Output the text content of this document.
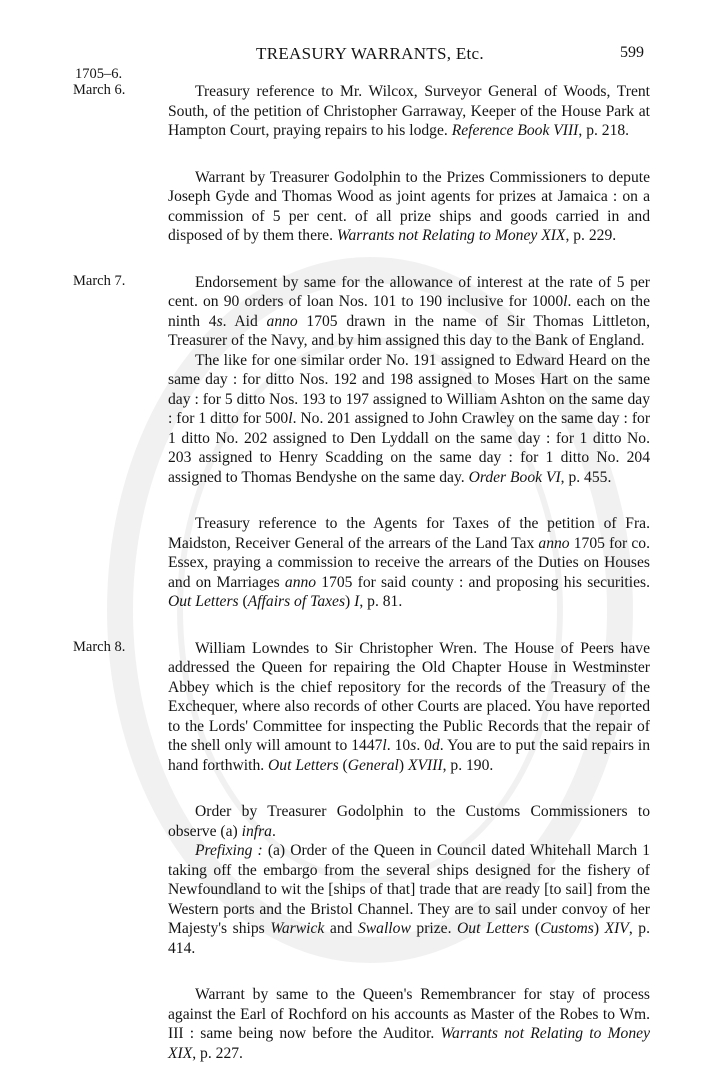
TREASURY WARRANTS, Etc.	599
1705–6.
March 6.	Treasury reference to Mr. Wilcox, Surveyor General of Woods, Trent South, of the petition of Christopher Garraway, Keeper of the House Park at Hampton Court, praying repairs to his lodge. Reference Book VIII, p. 218.

Warrant by Treasurer Godolphin to the Prizes Commissioners to depute Joseph Gyde and Thomas Wood as joint agents for prizes at Jamaica : on a commission of 5 per cent. of all prize ships and goods carried in and disposed of by them there. Warrants not Relating to Money XIX, p. 229.

March 7.	Endorsement by same for the allowance of interest at the rate of 5 per cent. on 90 orders of loan Nos. 101 to 190 inclusive for 1000l. each on the ninth 4s. Aid anno 1705 drawn in the name of Sir Thomas Littleton, Treasurer of the Navy, and by him assigned this day to the Bank of England.

The like for one similar order No. 191 assigned to Edward Heard on the same day : for ditto Nos. 192 and 198 assigned to Moses Hart on the same day : for 5 ditto Nos. 193 to 197 assigned to William Ashton on the same day : for 1 ditto for 500l. No. 201 assigned to John Crawley on the same day : for 1 ditto No. 202 assigned to Den Lyddall on the same day : for 1 ditto No. 203 assigned to Henry Scadding on the same day : for 1 ditto No. 204 assigned to Thomas Bendyshe on the same day. Order Book VI, p. 455.

Treasury reference to the Agents for Taxes of the petition of Fra. Maidston, Receiver General of the arrears of the Land Tax anno 1705 for co. Essex, praying a commission to receive the arrears of the Duties on Houses and on Marriages anno 1705 for said county : and proposing his securities. Out Letters (Affairs of Taxes) I, p. 81.

March 8.	William Lowndes to Sir Christopher Wren. The House of Peers have addressed the Queen for repairing the Old Chapter House in Westminster Abbey which is the chief repository for the records of the Treasury of the Exchequer, where also records of other Courts are placed. You have reported to the Lords' Committee for inspecting the Public Records that the repair of the shell only will amount to 1447l. 10s. 0d. You are to put the said repairs in hand forthwith. Out Letters (General) XVIII, p. 190.

Order by Treasurer Godolphin to the Customs Commissioners to observe (a) infra.

Prefixing : (a) Order of the Queen in Council dated Whitehall March 1 taking off the embargo from the several ships designed for the fishery of Newfoundland to wit the [ships of that] trade that are ready [to sail] from the Western ports and the Bristol Channel. They are to sail under convoy of her Majesty's ships Warwick and Swallow prize. Out Letters (Customs) XIV, p. 414.

Warrant by same to the Queen's Remembrancer for stay of process against the Earl of Rochford on his accounts as Master of the Robes to Wm. III : same being now before the Auditor. Warrants not Relating to Money XIX, p. 227.
